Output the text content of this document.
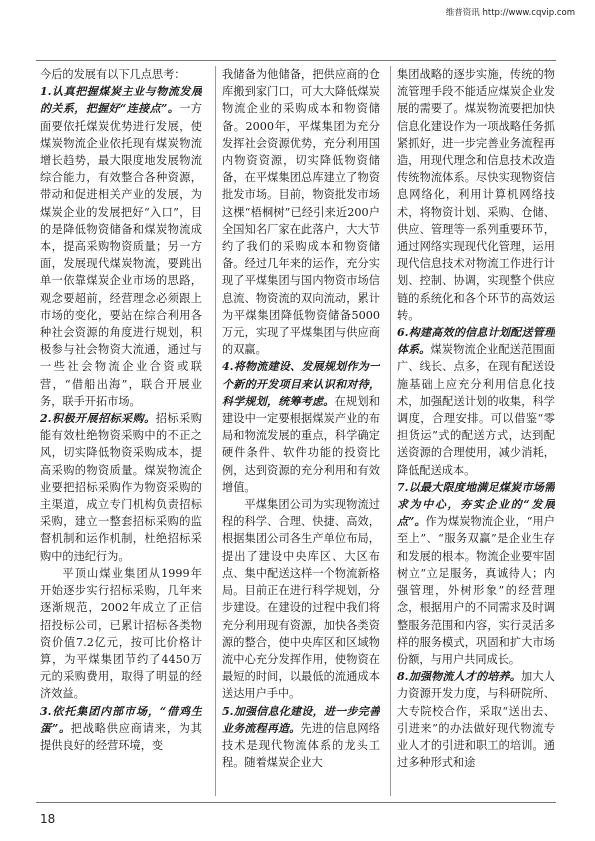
维普资讯 http://www.cqvip.com

今后的发展有以下几点思考：

1.认真把握煤炭主业与物流发展的关系，把握好“连接点”。一方面要依托煤炭优势进行发展，使煤炭物流企业依托现有煤炭物流增长趋势，最大限度地发展物流综合能力，有效整合各种资源，带动和促进相关产业的发展，为煤炭企业的发展把好“入口”，目的是降低物资储备和煤炭物流成本，提高采购物资质量；另一方面，发展现代煤炭物流，要跳出单一依靠煤炭企业市场的思路，观念要超前，经营理念必须跟上市场的变化，要站在综合利用各种社会资源的角度进行规划，积极参与社会物资大流通，通过与一些社会物流企业合资或联营，“借船出海”，联合开展业务，联手开拓市场。

2.积极开展招标采购。招标采购能有效杜绝物资采购中的不正之风，切实降低物资采购成本，提高采购的物资质量。煤炭物流企业要把招标采购作为物资采购的主渠道，成立专门机构负责招标采购，建立一整套招标采购的监督机制和运作机制，杜绝招标采购中的违纪行为。

平顶山煤业集团从1999年开始逐步实行招标采购，几年来逐渐规范，2002年成立了正信招投标公司，已累计招标各类物资价值7.2亿元，按可比价格计算，为平煤集团节约了4450万元的采购费用，取得了明显的经济效益。

3.依托集团内部市场，“借鸡生蛋”。把战略供应商请来，为其提供良好的经营环境，变

我储备为他储备，把供应商的仓库搬到家门口，可大大降低煤炭物流企业的采购成本和物资储备。2000年，平煤集团为充分发挥社会资源优势，充分利用国内物资资源，切实降低物资储备，在平煤集团总库建立了物资批发市场。目前，物资批发市场这棵“梧桐树”已经引来近200户全国知名厂家在此落户，大大节约了我们的采购成本和物资储备。经过几年来的运作，充分实现了平煤集团与国内物资市场信息流、物资流的双向流动，累计为平煤集团降低物资储备5000万元，实现了平煤集团与供应商的双赢。

4.将物流建设、发展规划作为一个新的开发项目来认识和对待，科学规划，统筹考虑。在规划和建设中一定要根据煤炭产业的布局和物流发展的重点，科学确定硬件条件、软件功能的投资比例，达到资源的充分利用和有效增值。

平煤集团公司为实现物流过程的科学、合理、快捷、高效，根据集团公司各生产单位布局，提出了建设中央库区、大区布点、集中配送这样一个物流新格局。目前正在进行科学规划，分步建设。在建设的过程中我们将充分利用现有资源，加快各类资源的整合，使中央库区和区域物流中心充分发挥作用，使物资在最短的时间，以最低的流通成本送达用户手中。

5.加强信息化建设，进一步完善业务流程再造。先进的信息网络技术是现代物流体系的龙头工程。随着煤炭企业大

集团战略的逐步实施，传统的物流管理手段不能适应煤炭企业发展的需要了。煤炭物流要把加快信息化建设作为一项战略任务抓紧抓好，进一步完善业务流程再造，用现代理念和信息技术改造传统物流体系。尽快实现物资信息网络化，利用计算机网络技术，将物资计划、采购、仓储、供应、管理等一系列重要环节，通过网络实现现代化管理，运用现代信息技术对物流工作进行计划、控制、协调，实现整个供应链的系统化和各个环节的高效运转。

6.构建高效的信息计划配送管理体系。煤炭物流企业配送范围面广、线长、点多，在现有配送设施基础上应充分利用信息化技术，加强配送计划的收集，科学调度，合理安排。可以借鉴“零担货运”式的配送方式，达到配送资源的合理使用，减少消耗，降低配送成本。

7.以最大限度地满足煤炭市场需求为中心，夯实企业的“发展点”。作为煤炭物流企业，“用户至上”、“服务双赢”是企业生存和发展的根本。物流企业要牢固树立“立足服务，真诚待人；内强管理，外树形象”的经营理念，根据用户的不同需求及时调整服务范围和内容，实行灵活多样的服务模式，巩固和扩大市场份额，与用户共同成长。

8.加强物流人才的培养。加大人力资源开发力度，与科研院所、大专院校合作，采取“送出去、引进来”的办法做好现代物流专业人才的引进和职工的培训。通过多种形式和途

18
